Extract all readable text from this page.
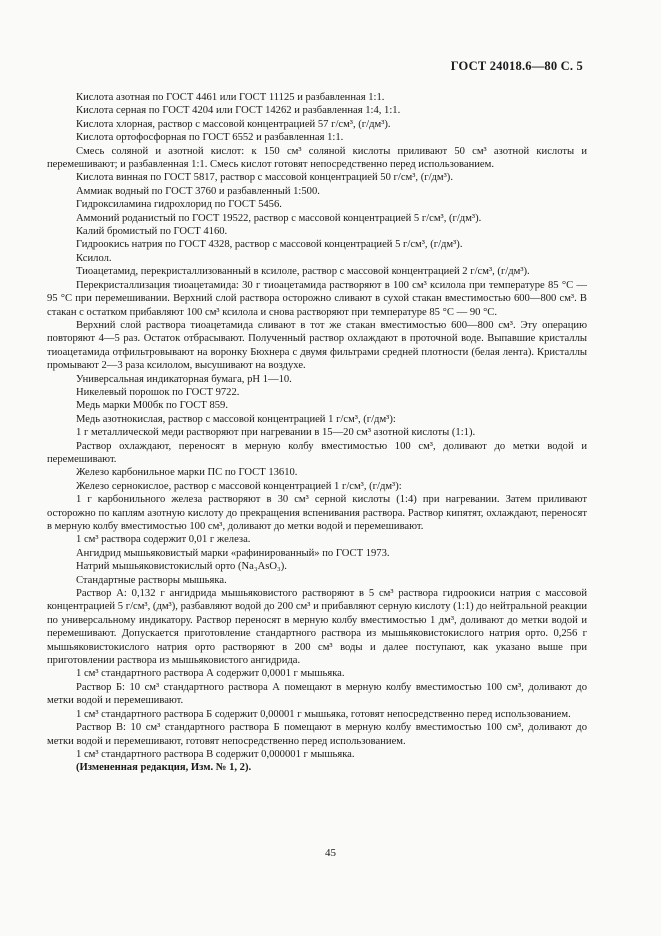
ГОСТ 24018.6—80 С. 5

Кислота азотная по ГОСТ 4461 или ГОСТ 11125 и разбавленная 1:1.

Кислота серная по ГОСТ 4204 или ГОСТ 14262 и разбавленная 1:4, 1:1.

Кислота хлорная, раствор с массовой концентрацией 57 г/см³, (г/дм³).

Кислота ортофосфорная по ГОСТ 6552 и разбавленная 1:1.

Смесь соляной и азотной кислот: к 150 см³ соляной кислоты приливают 50 см³ азотной кислоты и перемешивают; и разбавленная 1:1. Смесь кислот готовят непосредственно перед использованием.

Кислота винная по ГОСТ 5817, раствор с массовой концентрацией 50 г/см³, (г/дм³).

Аммиак водный по ГОСТ 3760 и разбавленный 1:500.

Гидроксиламина гидрохлорид по ГОСТ 5456.

Аммоний роданистый по ГОСТ 19522, раствор с массовой концентрацией 5 г/см³, (г/дм³).

Калий бромистый по ГОСТ 4160.

Гидроокись натрия по ГОСТ 4328, раствор с массовой концентрацией 5 г/см³, (г/дм³).

Ксилол.

Тиоацетамид, перекристаллизованный в ксилоле, раствор с массовой концентрацией 2 г/см³, (г/дм³).

Перекристаллизация тиоацетамида: 30 г тиоацетамида растворяют в 100 см³ ксилола при температуре 85 °С — 95 °С при перемешивании. Верхний слой раствора осторожно сливают в сухой стакан вместимостью 600—800 см³. В стакан с остатком прибавляют 100 см³ ксилола и снова растворяют при температуре 85 °С — 90 °С.

Верхний слой раствора тиоацетамида сливают в тот же стакан вместимостью 600—800 см³. Эту операцию повторяют 4—5 раз. Остаток отбрасывают. Полученный раствор охлаждают в проточной воде. Выпавшие кристаллы тиоацетамида отфильтровывают на воронку Бюхнера с двумя фильтрами средней плотности (белая лента). Кристаллы промывают 2—3 раза ксилолом, высушивают на воздухе.

Универсальная индикаторная бумага, pH 1—10.

Никелевый порошок по ГОСТ 9722.

Медь марки М00бк по ГОСТ 859.

Медь азотнокислая, раствор с массовой концентрацией 1 г/см³, (г/дм³):

1 г металлической меди растворяют при нагревании в 15—20 см³ азотной кислоты (1:1).

Раствор охлаждают, переносят в мерную колбу вместимостью 100 см³, доливают до метки водой и перемешивают.

Железо карбонильное марки ПС по ГОСТ 13610.

Железо сернокислое, раствор с массовой концентрацией 1 г/см³, (г/дм³):

1 г карбонильного железа растворяют в 30 см³ серной кислоты (1:4) при нагревании. Затем приливают осторожно по каплям азотную кислоту до прекращения вспенивания раствора. Раствор кипятят, охлаждают, переносят в мерную колбу вместимостью 100 см³, доливают до метки водой и перемешивают.

1 см³ раствора содержит 0,01 г железа.

Ангидрид мышьяковистый марки «рафинированный» по ГОСТ 1973.

Натрий мышьяковистокислый орто (Na₃AsO₃).

Стандартные растворы мышьяка.

Раствор А: 0,132 г ангидрида мышьяковистого растворяют в 5 см³ раствора гидроокиси натрия с массовой концентрацией 5 г/см³, (дм³), разбавляют водой до 200 см³ и прибавляют серную кислоту (1:1) до нейтральной реакции по универсальному индикатору. Раствор переносят в мерную колбу вместимостью 1 дм³, доливают до метки водой и перемешивают. Допускается приготовление стандартного раствора из мышьяковистокислого натрия орто. 0,256 г мышьяковистокислого натрия орто растворяют в 200 см³ воды и далее поступают, как указано выше при приготовлении раствора из мышьяковистого ангидрида.

1 см³ стандартного раствора А содержит 0,0001 г мышьяка.

Раствор Б: 10 см³ стандартного раствора А помещают в мерную колбу вместимостью 100 см³, доливают до метки водой и перемешивают.

1 см³ стандартного раствора Б содержит 0,00001 г мышьяка, готовят непосредственно перед использованием.

Раствор В: 10 см³ стандартного раствора Б помещают в мерную колбу вместимостью 100 см³, доливают до метки водой и перемешивают, готовят непосредственно перед использованием.

1 см³ стандартного раствора В содержит 0,000001 г мышьяка.

(Измененная редакция, Изм. № 1, 2).

45
